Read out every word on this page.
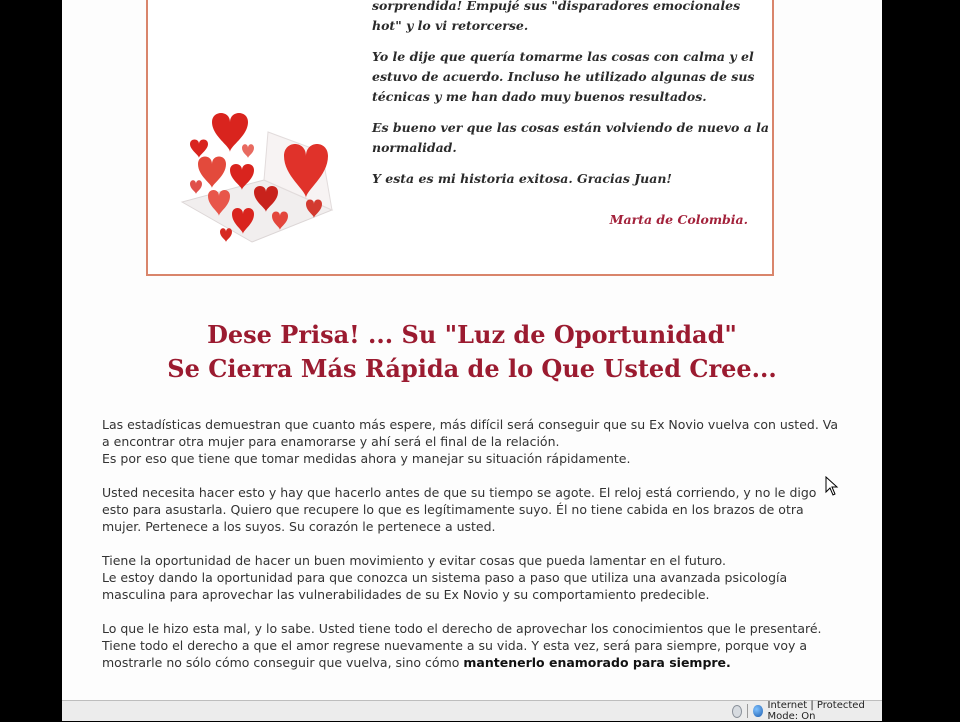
sorprendida! Empujé sus "disparadores emocionales

hot" y lo vi retorcerse.

Yo le dije que quería tomarme las cosas con calma y el estuvo de acuerdo. Incluso he utilizado algunas de sus técnicas y me han dado muy buenos resultados.

Es bueno ver que las cosas están volviendo de nuevo a la normalidad.

Y esta es mi historia exitosa. Gracias Juan!

Marta de Colombia.
Dese Prisa! ... Su "Luz de Oportunidad"
Se Cierra Más Rápida de lo Que Usted Cree...

Las estadísticas demuestran que cuanto más espere, más difícil será conseguir que su Ex Novio vuelva con usted. Va a encontrar otra mujer para enamorarse y ahí será el final de la relación.
Es por eso que tiene que tomar medidas ahora y manejar su situación rápidamente.

Usted necesita hacer esto y hay que hacerlo antes de que su tiempo se agote. El reloj está corriendo, y no le digo esto para asustarla. Quiero que recupere lo que es legítimamente suyo. Él no tiene cabida en los brazos de otra mujer. Pertenece a los suyos. Su corazón le pertenece a usted.

Tiene la oportunidad de hacer un buen movimiento y evitar cosas que pueda lamentar en el futuro.
Le estoy dando la oportunidad para que conozca un sistema paso a paso que utiliza una avanzada psicología masculina para aprovechar las vulnerabilidades de su Ex Novio y su comportamiento predecible.

Lo que le hizo esta mal, y lo sabe. Usted tiene todo el derecho de aprovechar los conocimientos que le presentaré. Tiene todo el derecho a que el amor regrese nuevamente a su vida. Y esta vez, será para siempre, porque voy a mostrarle no sólo cómo conseguir que vuelva, sino cómo mantenerlo enamorado para siempre.

Internet | Protected Mode: On
